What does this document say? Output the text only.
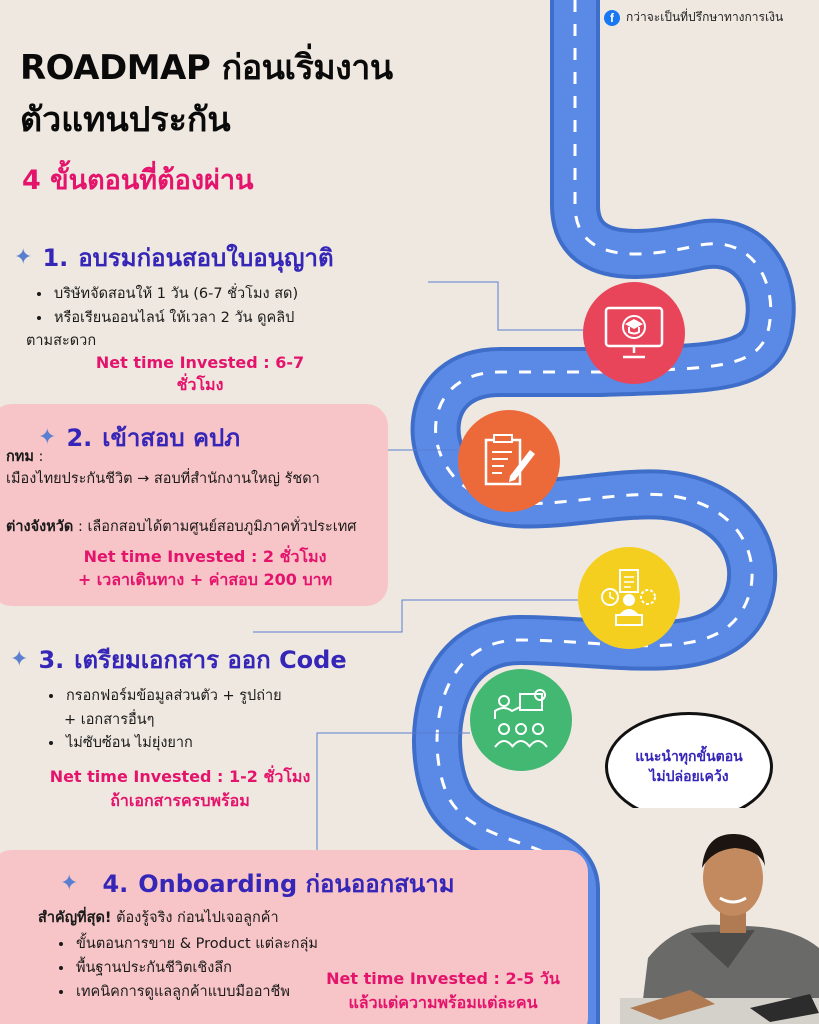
f	กว่าจะเป็นที่ปรึกษาทางการเงิน
ROADMAP ก่อนเริ่มงาน
ตัวแทนประกัน
4 ขั้นตอนที่ต้องผ่าน
✦ 1. อบรมก่อนสอบใบอนุญาติ
• บริษัทจัดสอนให้ 1 วัน (6-7 ชั่วโมง สด)
• หรือเรียนออนไลน์ ให้เวลา 2 วัน ดูคลิป
ตามสะดวก
Net time Invested : 6-7 ชั่วโมง
✦ 2. เข้าสอบ คปภ
กทม :
เมืองไทยประกันชีวิต → สอบที่สำนักงานใหญ่ รัชดา
ต่างจังหวัด : เลือกสอบได้ตามศูนย์สอบภูมิภาคทั่วประเทศ
Net time Invested : 2 ชั่วโมง
+ เวลาเดินทาง + ค่าสอบ 200 บาท
✦ 3. เตรียมเอกสาร ออก Code
• กรอกฟอร์มข้อมูลส่วนตัว + รูปถ่าย
+ เอกสารอื่นๆ
• ไม่ซับซ้อน ไม่ยุ่งยาก
Net time Invested : 1-2 ชั่วโมง
ถ้าเอกสารครบพร้อม
แนะนำทุกขั้นตอน
ไม่ปล่อยเคว้ง
✦ 4. Onboarding ก่อนออกสนาม
สำคัญที่สุด! ต้องรู้จริง ก่อนไปเจอลูกค้า
• ขั้นตอนการขาย & Product แต่ละกลุ่ม
• พื้นฐานประกันชีวิตเชิงลึก
• เทคนิคการดูแลลูกค้าแบบมืออาชีพ
Net time Invested : 2-5 วัน
แล้วแต่ความพร้อมแต่ละคน
